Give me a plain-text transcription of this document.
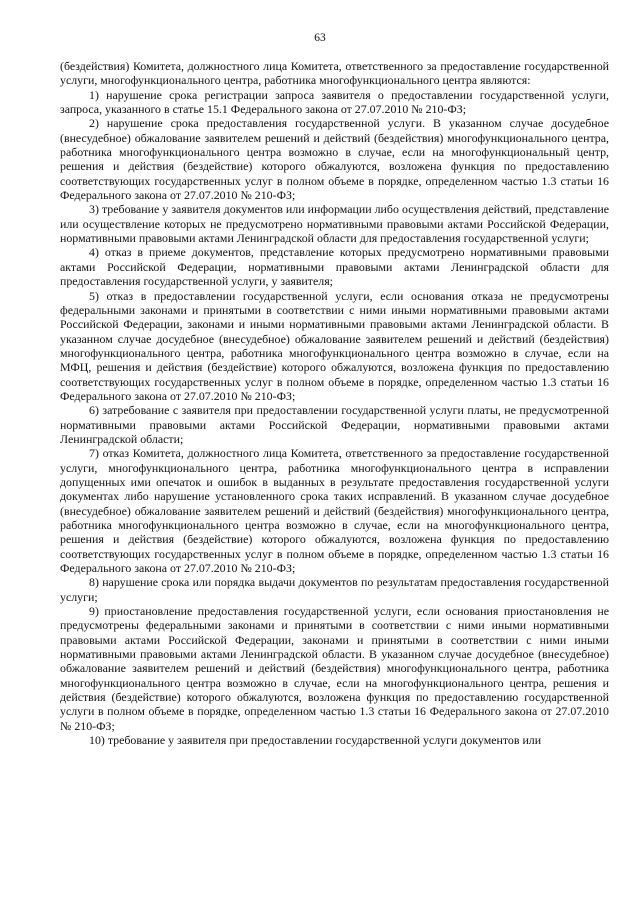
63

(бездействия) Комитета, должностного лица Комитета, ответственного за предоставление государственной услуги, многофункционального центра, работника многофункционального центра являются:

1) нарушение срока регистрации запроса заявителя о предоставлении государственной услуги, запроса, указанного в статье 15.1 Федерального закона от 27.07.2010 № 210-ФЗ;

2) нарушение срока предоставления государственной услуги. В указанном случае досудебное (внесудебное) обжалование заявителем решений и действий (бездействия) многофункционального центра, работника многофункционального центра возможно в случае, если на многофункциональный центр, решения и действия (бездействие) которого обжалуются, возложена функция по предоставлению соответствующих государственных услуг в полном объеме в порядке, определенном частью 1.3 статьи 16 Федерального закона от 27.07.2010 № 210-ФЗ;

3) требование у заявителя документов или информации либо осуществления действий, представление или осуществление которых не предусмотрено нормативными правовыми актами Российской Федерации, нормативными правовыми актами Ленинградской области для предоставления государственной услуги;

4) отказ в приеме документов, представление которых предусмотрено нормативными правовыми актами Российской Федерации, нормативными правовыми актами Ленинградской области для предоставления государственной услуги, у заявителя;

5) отказ в предоставлении государственной услуги, если основания отказа не предусмотрены федеральными законами и принятыми в соответствии с ними иными нормативными правовыми актами Российской Федерации, законами и иными нормативными правовыми актами Ленинградской области. В указанном случае досудебное (внесудебное) обжалование заявителем решений и действий (бездействия) многофункционального центра, работника многофункционального центра возможно в случае, если на МФЦ, решения и действия (бездействие) которого обжалуются, возложена функция по предоставлению соответствующих государственных услуг в полном объеме в порядке, определенном частью 1.3 статьи 16 Федерального закона от 27.07.2010 № 210-ФЗ;

6) затребование с заявителя при предоставлении государственной услуги платы, не предусмотренной нормативными правовыми актами Российской Федерации, нормативными правовыми актами Ленинградской области;

7) отказ Комитета, должностного лица Комитета, ответственного за предоставление государственной услуги, многофункционального центра, работника многофункционального центра в исправлении допущенных ими опечаток и ошибок в выданных в результате предоставления государственной услуги документах либо нарушение установленного срока таких исправлений. В указанном случае досудебное (внесудебное) обжалование заявителем решений и действий (бездействия) многофункционального центра, работника многофункционального центра возможно в случае, если на многофункционального центра, решения и действия (бездействие) которого обжалуются, возложена функция по предоставлению соответствующих государственных услуг в полном объеме в порядке, определенном частью 1.3 статьи 16 Федерального закона от 27.07.2010 № 210-ФЗ;

8) нарушение срока или порядка выдачи документов по результатам предоставления государственной услуги;

9) приостановление предоставления государственной услуги, если основания приостановления не предусмотрены федеральными законами и принятыми в соответствии с ними иными нормативными правовыми актами Российской Федерации, законами и принятыми в соответствии с ними иными нормативными правовыми актами Ленинградской области. В указанном случае досудебное (внесудебное) обжалование заявителем решений и действий (бездействия) многофункционального центра, работника многофункционального центра возможно в случае, если на многофункционального центра, решения и действия (бездействие) которого обжалуются, возложена функция по предоставлению государственной услуги в полном объеме в порядке, определенном частью 1.3 статьи 16 Федерального закона от 27.07.2010 № 210-ФЗ;

10) требование у заявителя при предоставлении государственной услуги документов или
